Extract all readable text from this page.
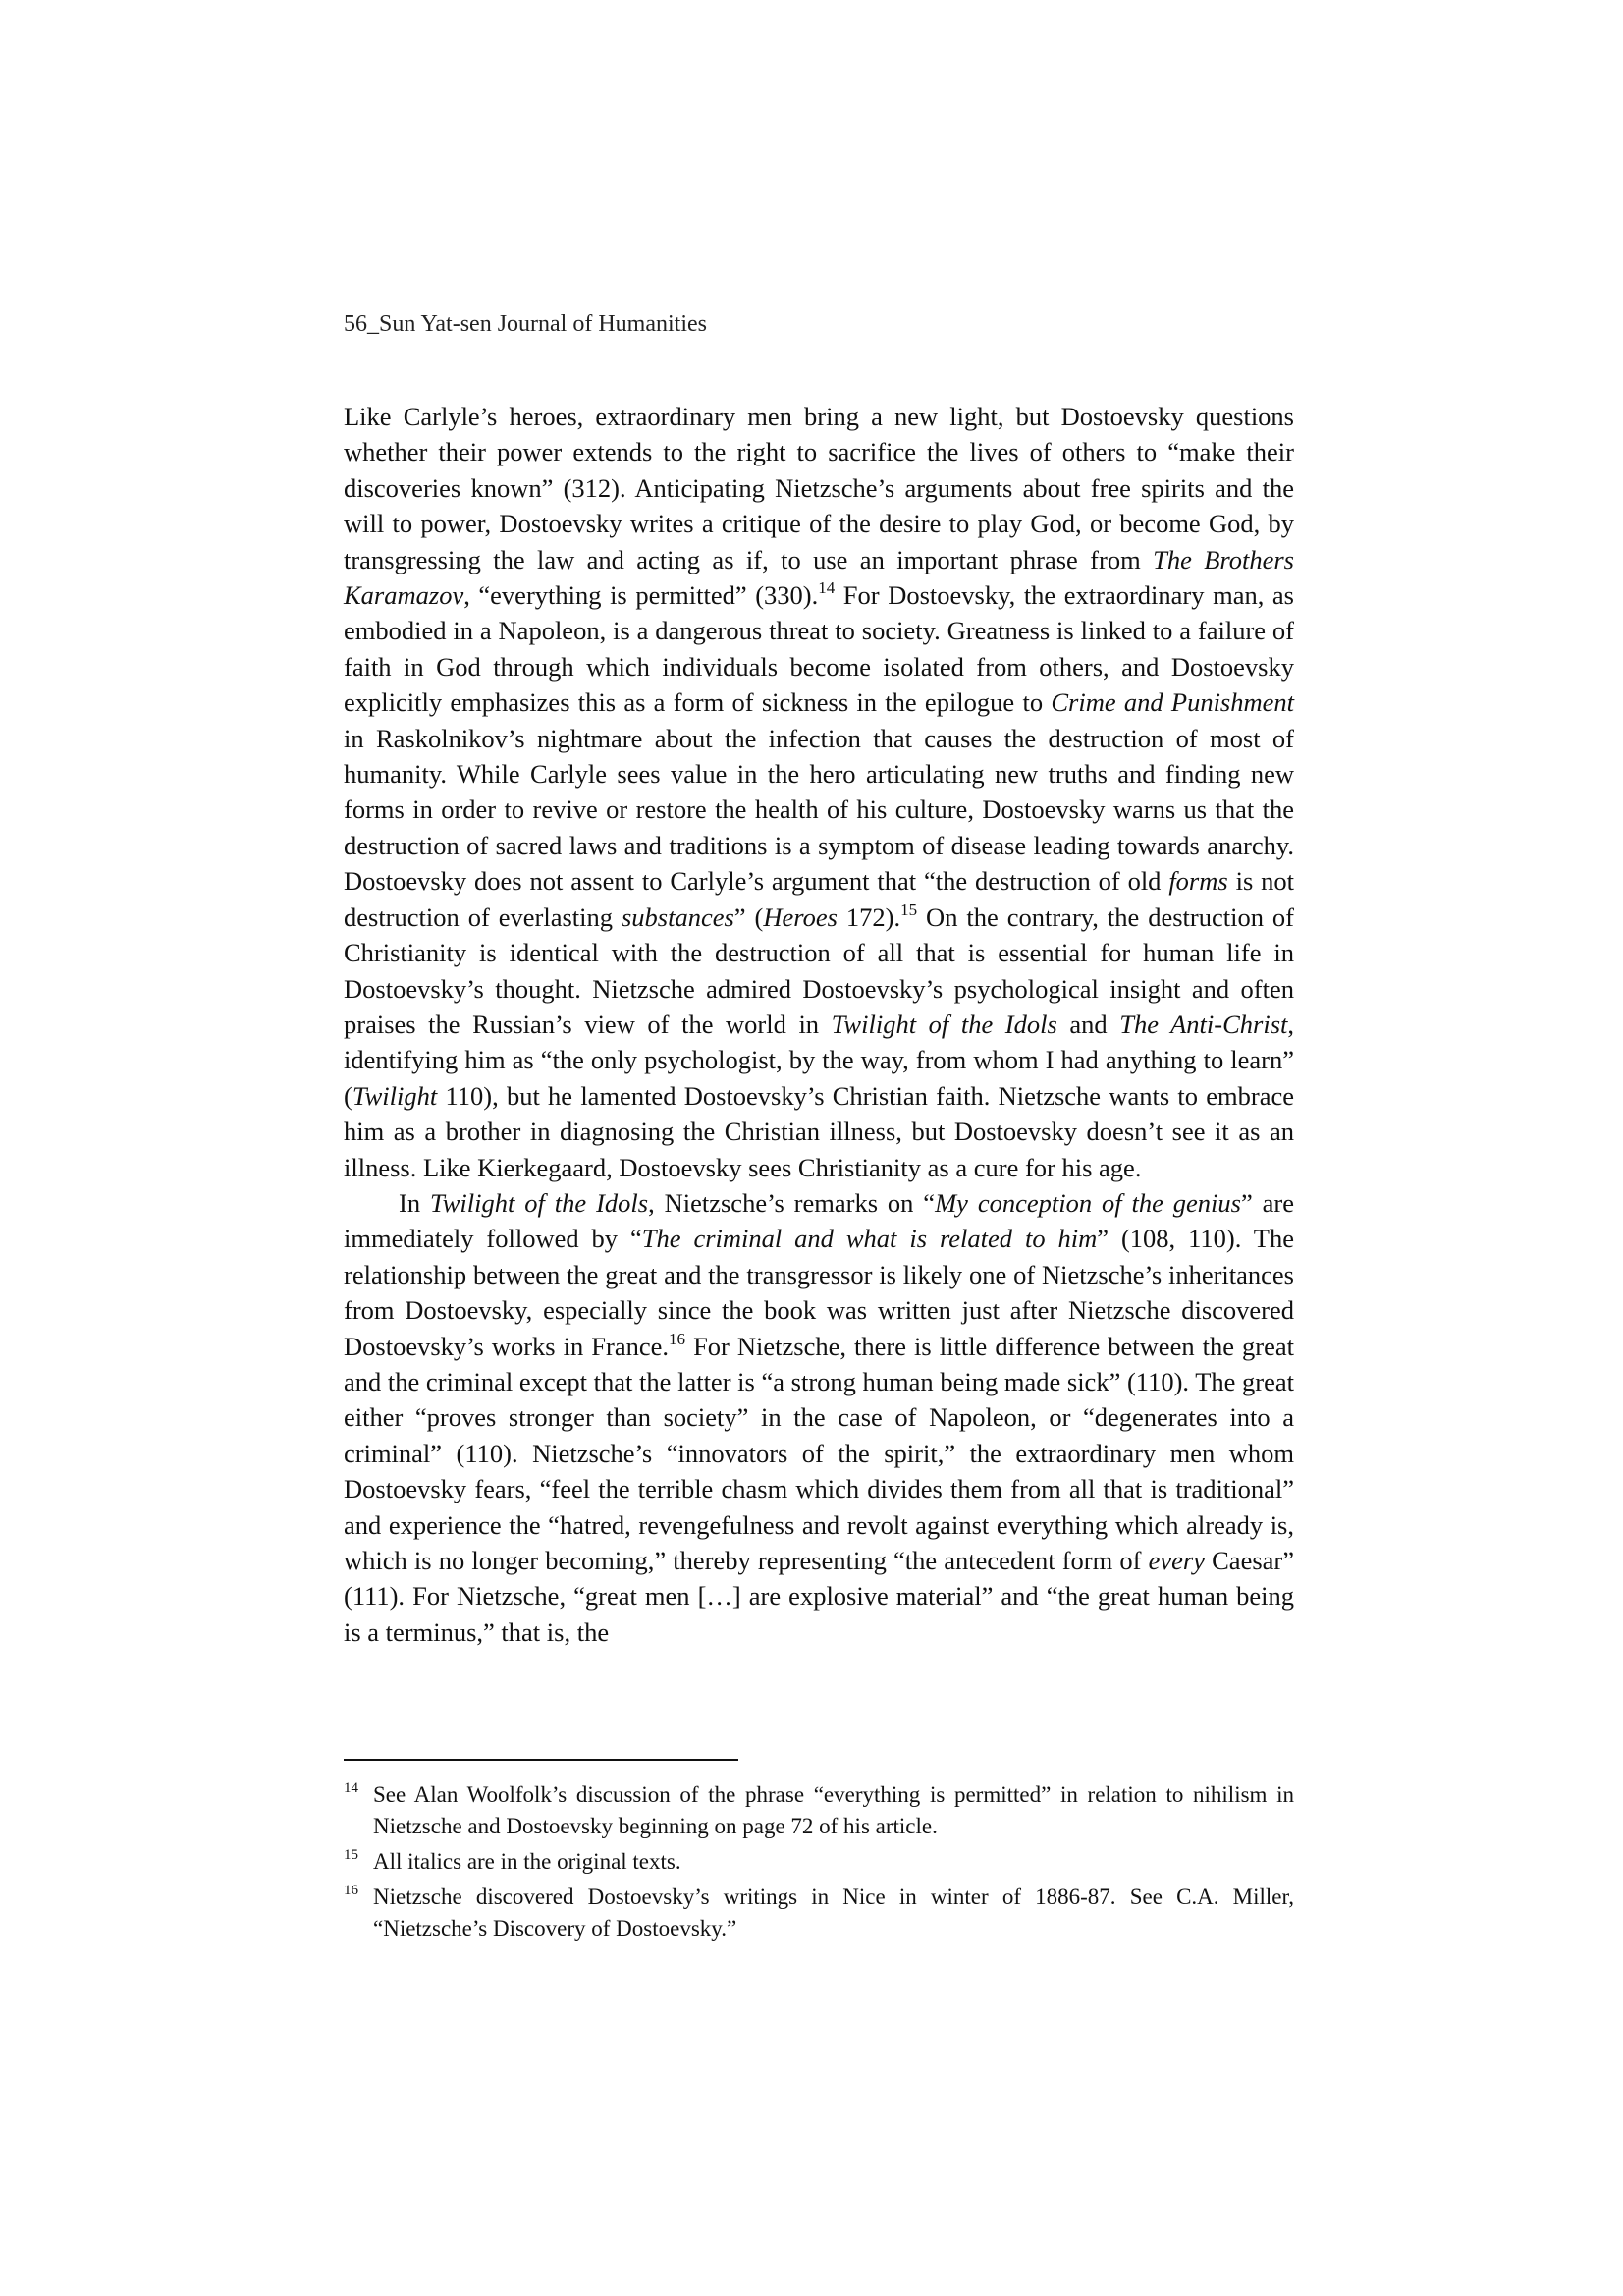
56_Sun Yat-sen Journal of Humanities

Like Carlyle’s heroes, extraordinary men bring a new light, but Dostoevsky questions whether their power extends to the right to sacrifice the lives of others to “make their discoveries known” (312). Anticipating Nietzsche’s arguments about free spirits and the will to power, Dostoevsky writes a critique of the desire to play God, or become God, by transgressing the law and acting as if, to use an important phrase from The Brothers Karamazov, “everything is permitted” (330).$^{14}$ For Dostoevsky, the extraordinary man, as embodied in a Napoleon, is a dangerous threat to society. Greatness is linked to a failure of faith in God through which individuals become isolated from others, and Dostoevsky explicitly emphasizes this as a form of sickness in the epilogue to Crime and Punishment in Raskolnikov’s nightmare about the infection that causes the destruction of most of humanity. While Carlyle sees value in the hero articulating new truths and finding new forms in order to revive or restore the health of his culture, Dostoevsky warns us that the destruction of sacred laws and traditions is a symptom of disease leading towards anarchy. Dostoevsky does not assent to Carlyle’s argument that “the destruction of old forms is not destruction of everlasting substances” (Heroes 172).$^{15}$ On the contrary, the destruction of Christianity is identical with the destruction of all that is essential for human life in Dostoevsky’s thought. Nietzsche admired Dostoevsky’s psychological insight and often praises the Russian’s view of the world in Twilight of the Idols and The Anti-Christ, identifying him as “the only psychologist, by the way, from whom I had anything to learn” (Twilight 110), but he lamented Dostoevsky’s Christian faith. Nietzsche wants to embrace him as a brother in diagnosing the Christian illness, but Dostoevsky doesn’t see it as an illness. Like Kierkegaard, Dostoevsky sees Christianity as a cure for his age.

In Twilight of the Idols, Nietzsche’s remarks on “My conception of the genius” are immediately followed by “The criminal and what is related to him” (108, 110). The relationship between the great and the transgressor is likely one of Nietzsche’s inheritances from Dostoevsky, especially since the book was written just after Nietzsche discovered Dostoevsky’s works in France.$^{16}$ For Nietzsche, there is little difference between the great and the criminal except that the latter is “a strong human being made sick” (110). The great either “proves stronger than society” in the case of Napoleon, or “degenerates into a criminal” (110). Nietzsche’s “innovators of the spirit,” the extraordinary men whom Dostoevsky fears, “feel the terrible chasm which divides them from all that is traditional” and experience the “hatred, revengefulness and revolt against everything which already is, which is no longer becoming,” thereby representing “the antecedent form of every Caesar” (111). For Nietzsche, “great men […] are explosive material” and “the great human being is a terminus,” that is, the

14 See Alan Woolfolk’s discussion of the phrase “everything is permitted” in relation to nihilism in Nietzsche and Dostoevsky beginning on page 72 of his article.
15 All italics are in the original texts.
16 Nietzsche discovered Dostoevsky’s writings in Nice in winter of 1886-87. See C.A. Miller, “Nietzsche’s Discovery of Dostoevsky.”
